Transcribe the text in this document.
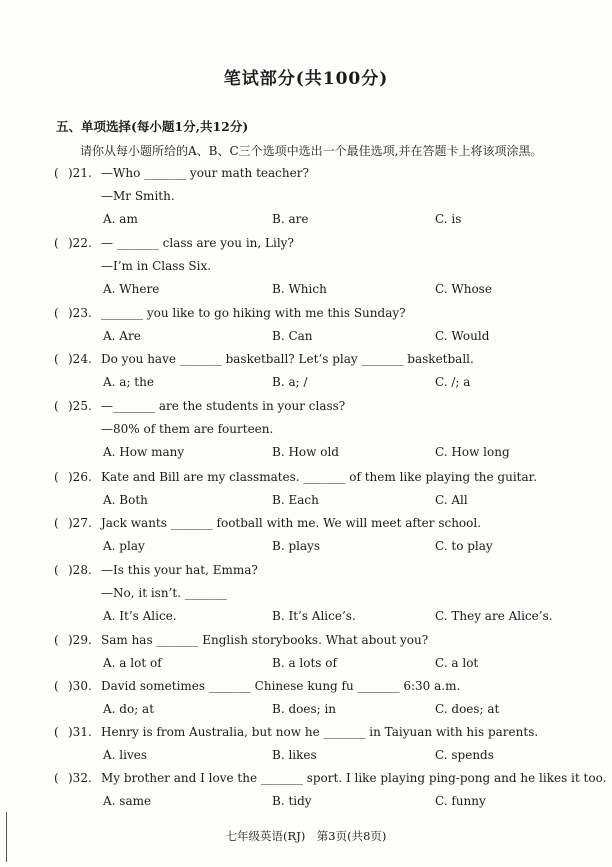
笔试部分(共100分)
五、单项选择(每小题1分,共12分)
请你从每小题所给的A、B、C三个选项中选出一个最佳选项,并在答题卡上将该项涂黑。
( )21. —Who _______ your math teacher?
—Mr Smith.
A. am	B. are	C. is
( )22. — _______ class are you in, Lily?
—I’m in Class Six.
A. Where	B. Which	C. Whose
( )23. _______ you like to go hiking with me this Sunday?
A. Are	B. Can	C. Would
( )24. Do you have _______ basketball? Let’s play _______ basketball.
A. a; the	B. a; /	C. /; a
( )25. —_______ are the students in your class?
—80% of them are fourteen.
A. How many	B. How old	C. How long
( )26. Kate and Bill are my classmates. _______ of them like playing the guitar.
A. Both	B. Each	C. All
( )27. Jack wants _______ football with me. We will meet after school.
A. play	B. plays	C. to play
( )28. —Is this your hat, Emma?
—No, it isn’t. _______
A. It’s Alice.	B. It’s Alice’s.	C. They are Alice’s.
( )29. Sam has _______ English storybooks. What about you?
A. a lot of	B. a lots of	C. a lot
( )30. David sometimes _______ Chinese kung fu _______ 6:30 a.m.
A. do; at	B. does; in	C. does; at
( )31. Henry is from Australia, but now he _______ in Taiyuan with his parents.
A. lives	B. likes	C. spends
( )32. My brother and I love the _______ sport. I like playing ping-pong and he likes it too.
A. same	B. tidy	C. funny
七年级英语(RJ)　第3页(共8页)
